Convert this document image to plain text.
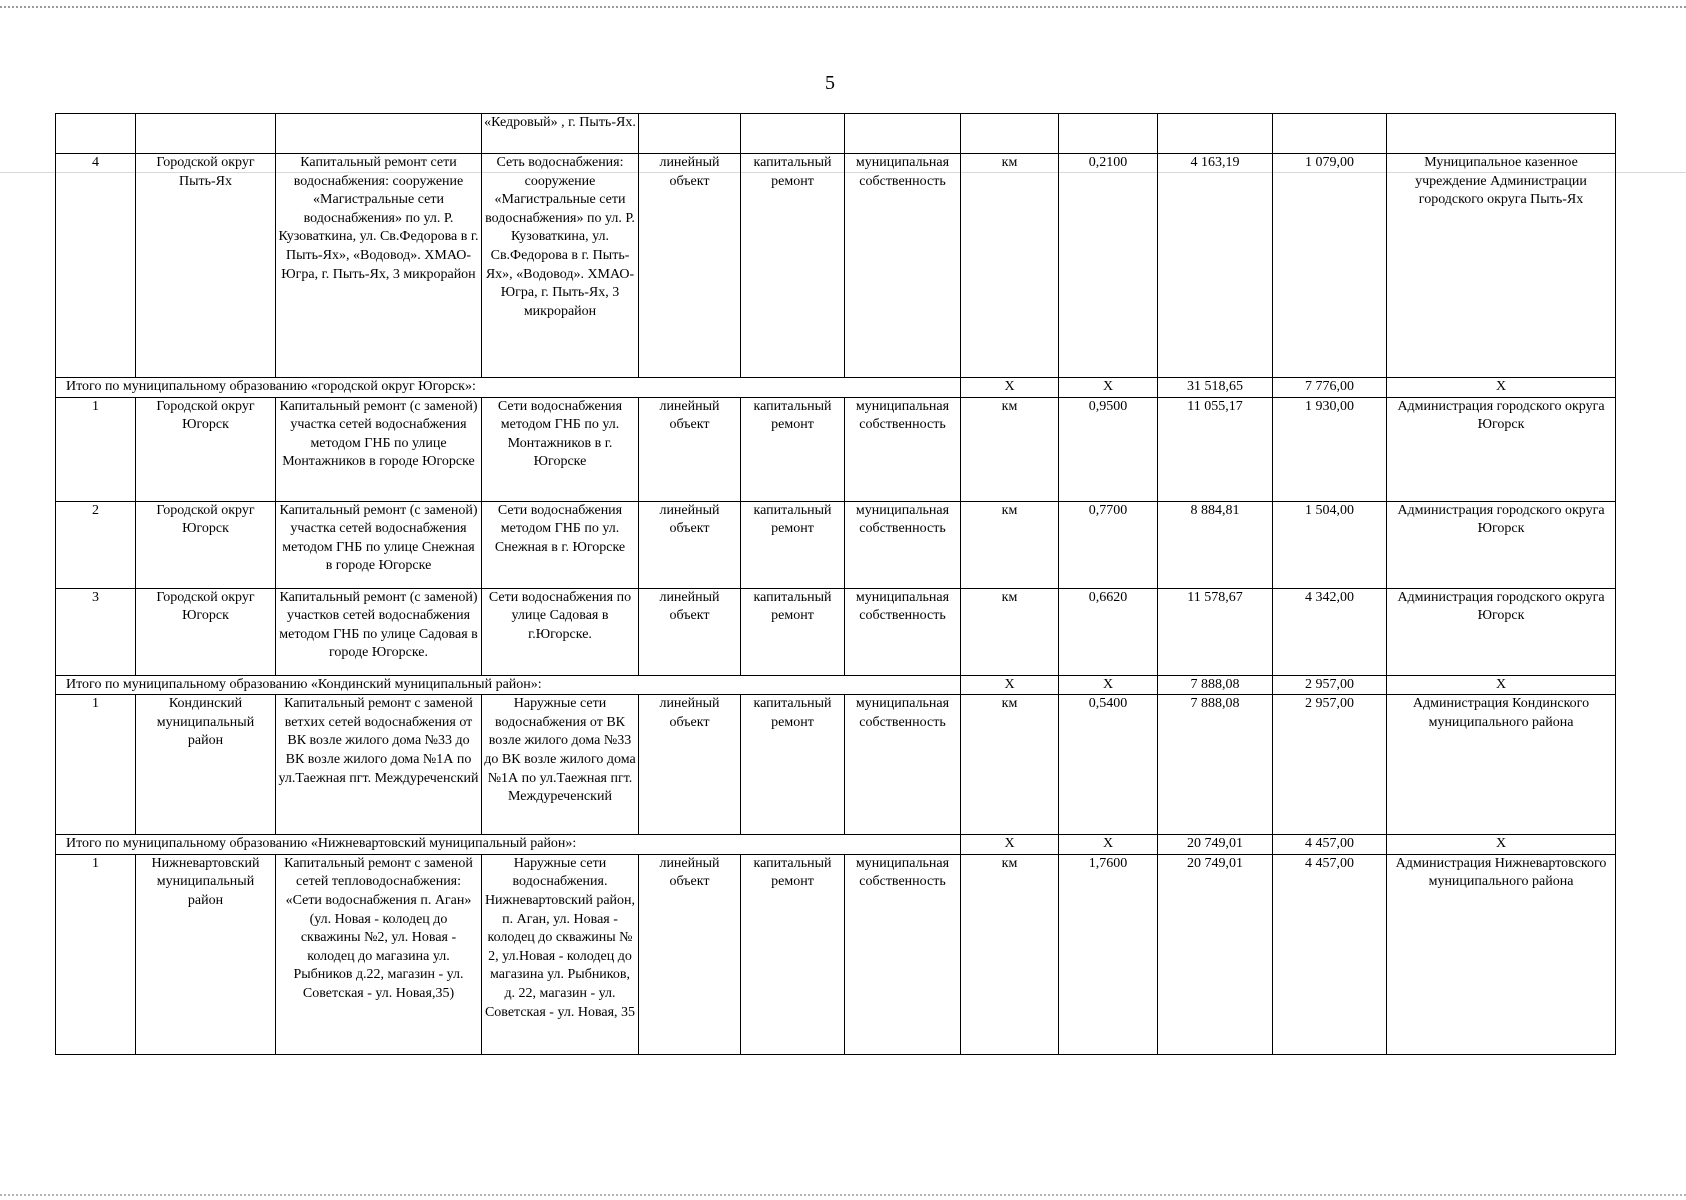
5
			«Кедровый» , г. Пыть-Ях.								
4	Городской округ Пыть-Ях	Капитальный ремонт сети водоснабжения: сооружение «Магистральные сети водоснабжения» по ул. Р. Кузоваткина, ул. Св.Федорова в г. Пыть-Ях», «Водовод». ХМАО-Югра, г. Пыть-Ях, 3 микрорайон	Сеть водоснабжения: сооружение «Магистральные сети водоснабжения» по ул. Р. Кузоваткина, ул. Св.Федорова в г. Пыть-Ях», «Водовод». ХМАО-Югра, г. Пыть-Ях, 3 микрорайон	линейный объект	капитальный ремонт	муниципальная собственность	км	0,2100	4 163,19	1 079,00	Муниципальное казенное учреждение Администрации городского округа Пыть-Ях
Итого по муниципальному образованию «городской округ Югорск»:							Х	Х	31 518,65	7 776,00	Х
1	Городской округ Югорск	Капитальный ремонт (с заменой) участка сетей водоснабжения методом ГНБ по улице Монтажников в городе Югорске	Сети водоснабжения методом ГНБ по ул. Монтажников в г. Югорске	линейный объект	капитальный ремонт	муниципальная собственность	км	0,9500	11 055,17	1 930,00	Администрация городского округа Югорск
2	Городской округ Югорск	Капитальный ремонт (с заменой) участка сетей водоснабжения методом ГНБ по улице Снежная в городе Югорске	Сети водоснабжения методом ГНБ по ул. Снежная в г. Югорске	линейный объект	капитальный ремонт	муниципальная собственность	км	0,7700	8 884,81	1 504,00	Администрация городского округа Югорск
3	Городской округ Югорск	Капитальный ремонт (с заменой) участков сетей водоснабжения методом ГНБ по улице Садовая в городе Югорске.	Сети водоснабжения по улице Садовая в г.Югорске.	линейный объект	капитальный ремонт	муниципальная собственность	км	0,6620	11 578,67	4 342,00	Администрация городского округа Югорск
Итого по муниципальному образованию «Кондинский муниципальный район»:							Х	Х	7 888,08	2 957,00	Х
1	Кондинский муниципальный район	Капитальный ремонт с заменой ветхих сетей водоснабжения от ВК возле жилого дома №33 до ВК возле жилого дома №1А по ул.Таежная пгт. Междуреченский	Наружные сети водоснабжения от ВК возле жилого дома №33 до ВК возле жилого дома №1А по ул.Таежная пгт. Междуреченский	линейный объект	капитальный ремонт	муниципальная собственность	км	0,5400	7 888,08	2 957,00	Администрация Кондинского муниципального района
Итого по муниципальному образованию «Нижневартовский муниципальный район»:							Х	Х	20 749,01	4 457,00	Х
1	Нижневартовский муниципальный район	Капитальный ремонт с заменой сетей тепловодоснабжения: «Сети водоснабжения п. Аган» (ул. Новая - колодец до скважины №2, ул. Новая - колодец до магазина ул. Рыбников д.22, магазин - ул. Советская - ул. Новая,35)	Наружные сети водоснабжения. Нижневартовский район, п. Аган, ул. Новая - колодец до скважины № 2, ул.Новая - колодец до магазина ул. Рыбников, д. 22, магазин - ул. Советская - ул. Новая, 35	линейный объект	капитальный ремонт	муниципальная собственность	км	1,7600	20 749,01	4 457,00	Администрация Нижневартовского муниципального района
